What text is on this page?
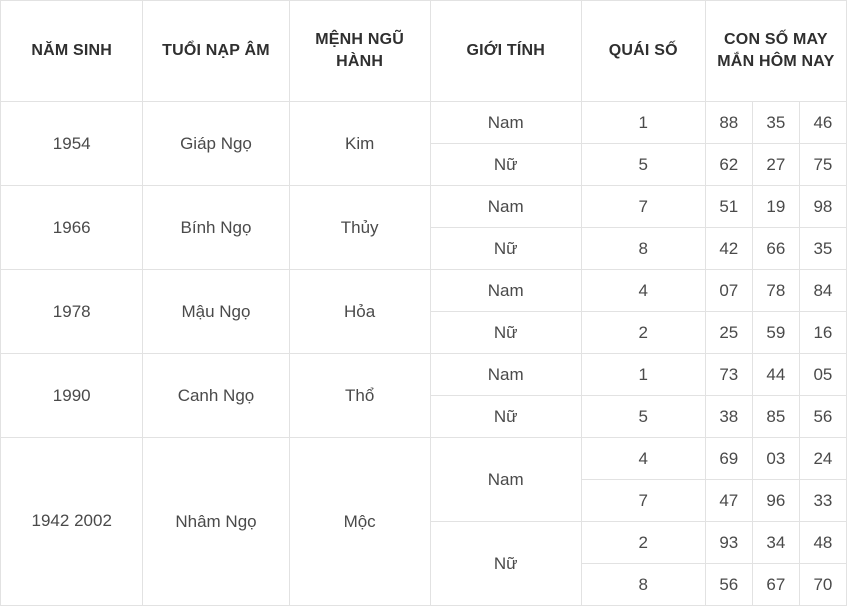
NĂM SINH	TUỔI NẠP ÂM	MỆNH NGŨ HÀNH	GIỚI TÍNH	QUÁI SỐ	CON SỐ MAY MẮN HÔM NAY		
1954	Giáp Ngọ	Kim	Nam	1	88	35	46
			Nữ	5	62	27	75
1966	Bính Ngọ	Thủy	Nam	7	51	19	98
			Nữ	8	42	66	35
1978	Mậu Ngọ	Hỏa	Nam	4	07	78	84
			Nữ	2	25	59	16
1990	Canh Ngọ	Thổ	Nam	1	73	44	05
			Nữ	5	38	85	56
1942 2002	Nhâm Ngọ	Mộc	Nam	4	69	03	24
				7	47	96	33
			Nữ	2	93	34	48
				8	56	67	70
